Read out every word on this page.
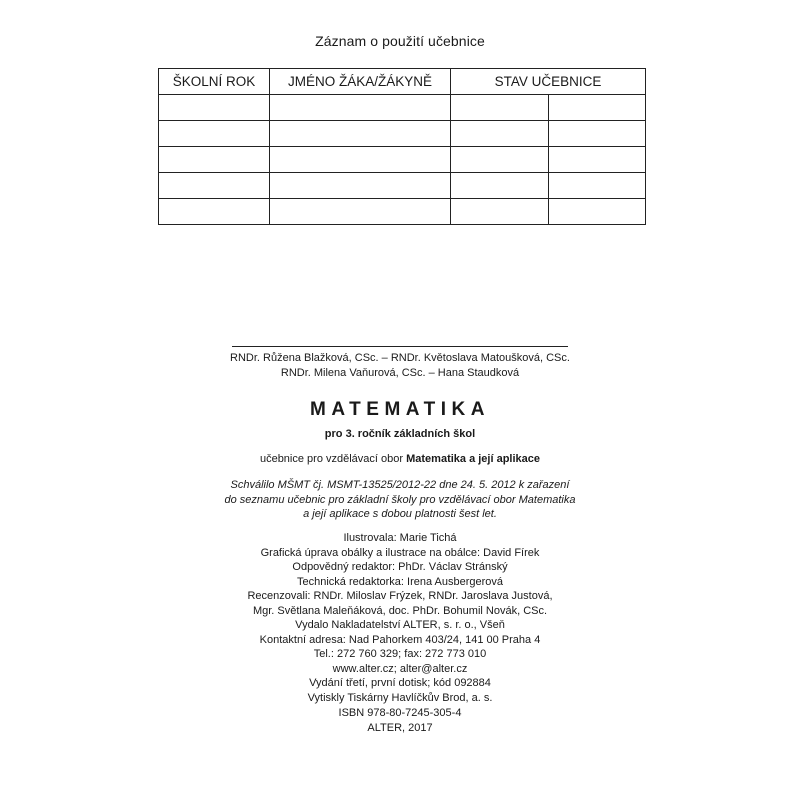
Záznam o použití učebnice
ŠKOLNÍ ROK	JMÉNO ŽÁKA/ŽÁKYNĚ	STAV UČEBNICE	

RNDr. Růžena Blažková, CSc. – RNDr. Květoslava Matoušková, CSc.
RNDr. Milena Vaňurová, CSc. – Hana Staudková
MATEMATIKA
pro 3. ročník základních škol
učebnice pro vzdělávací obor Matematika a její aplikace
Schválilo MŠMT čj. MSMT-13525/2012-22 dne 24. 5. 2012 k zařazení
do seznamu učebnic pro základní školy pro vzdělávací obor Matematika
a její aplikace s dobou platnosti šest let.
Ilustrovala: Marie Tichá
Grafická úprava obálky a ilustrace na obálce: David Fírek
Odpovědný redaktor: PhDr. Václav Stránský
Technická redaktorka: Irena Ausbergerová
Recenzovali: RNDr. Miloslav Frýzek, RNDr. Jaroslava Justová,
Mgr. Světlana Maleňáková, doc. PhDr. Bohumil Novák, CSc.
Vydalo Nakladatelství ALTER, s. r. o., Všeň
Kontaktní adresa: Nad Pahorkem 403/24, 141 00 Praha 4
Tel.: 272 760 329; fax: 272 773 010
www.alter.cz; alter@alter.cz
Vydání třetí, první dotisk; kód 092884
Vytiskly Tiskárny Havlíčkův Brod, a. s.
ISBN 978-80-7245-305-4
ALTER, 2017
